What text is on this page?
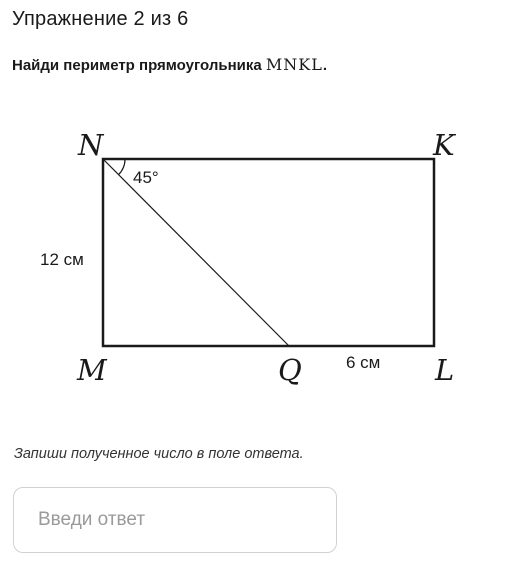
Упражнение 2 из 6
Найди периметр прямоугольника MNKL.
45°
N	K
M	L
Q
12 см
6 см
Запиши полученное число в поле ответа.
Введи ответ
